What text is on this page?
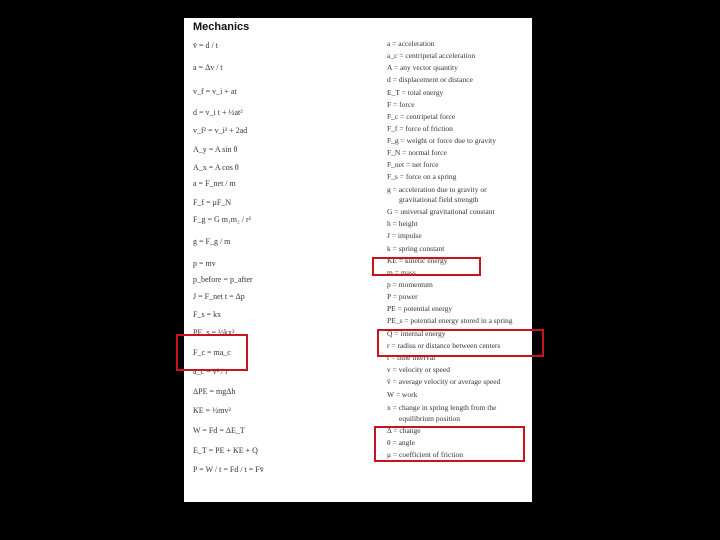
Mechanics
v̄ = d / t
a = Δv / t
v_f = v_i + at
d = v_i t + ½at²
v_f² = v_i² + 2ad
A_y = A sin θ
A_x = A cos θ
a = F_net / m
F_f = μF_N
F_g = G m₁m₂ / r²
g = F_g / m
p = mv
p_before = p_after
J = F_net t = Δp
F_s = kx
PE_s = ½kx²
F_c = ma_c
a_c = v² / r
ΔPE = mgΔh
KE = ½mv²
W = Fd = ΔE_T
E_T = PE + KE + Q
P = W / t = Fd / t = Fv̄
a = acceleration
a_c = centripetal acceleration
A = any vector quantity
d = displacement or distance
E_T = total energy
F = force
F_c = centripetal force
F_f = force of friction
F_g = weight or force due to gravity
F_N = normal force
F_net = net force
F_s = force on a spring
g = acceleration due to gravity or
gravitational field strength
G = universal gravitational constant
h = height
J = impulse
k = spring constant
KE = kinetic energy
m = mass
p = momentum
P = power
PE = potential energy
PE_s = potential energy stored in a spring
Q = internal energy
r = radius or distance between centers
t = time interval
v = velocity or speed
v̄ = average velocity or average speed
W = work
x = change in spring length from the
equilibrium position
Δ = change
θ = angle
μ = coefficient of friction
